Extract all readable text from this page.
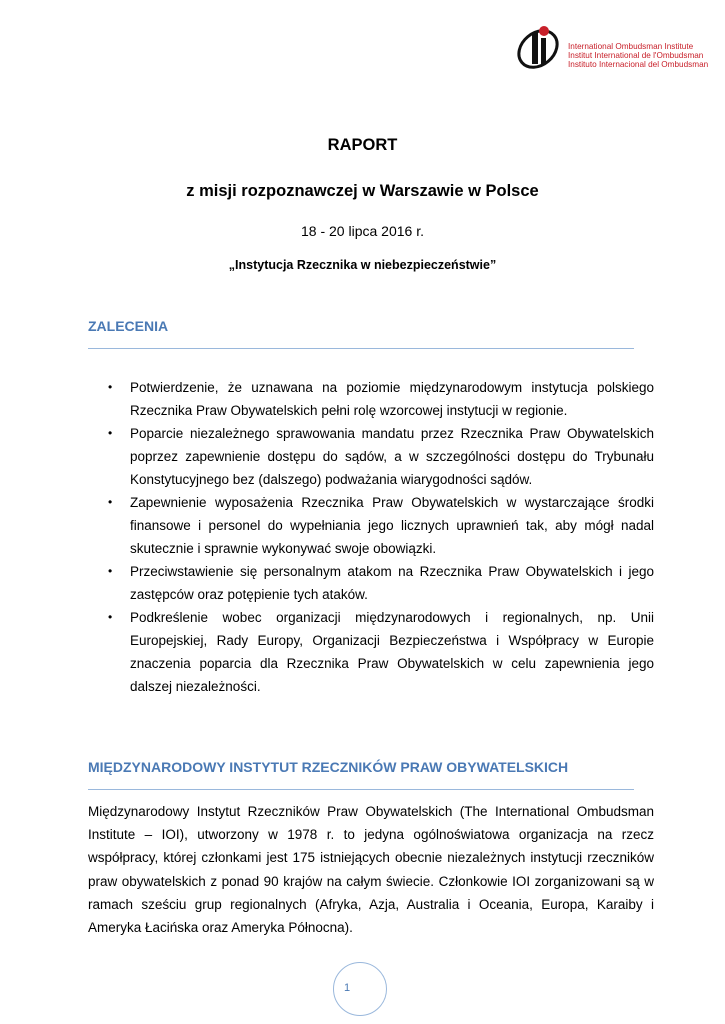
International Ombudsman Institute
Institut International de l'Ombudsman
Instituto Internacional del Ombudsman
RAPORT
z misji rozpoznawczej w Warszawie w Polsce
18 - 20 lipca 2016 r.
„Instytucja Rzecznika w niebezpieczeństwie”
ZALECENIA
• Potwierdzenie, że uznawana na poziomie międzynarodowym instytucja polskiego Rzecznika Praw Obywatelskich pełni rolę wzorcowej instytucji w regionie.
• Poparcie niezależnego sprawowania mandatu przez Rzecznika Praw Obywatelskich poprzez zapewnienie dostępu do sądów, a w szczególności dostępu do Trybunału Konstytucyjnego bez (dalszego) podważania wiarygodności sądów.
• Zapewnienie wyposażenia Rzecznika Praw Obywatelskich w wystarczające środki finansowe i personel do wypełniania jego licznych uprawnień tak, aby mógł nadal skutecznie i sprawnie wykonywać swoje obowiązki.
• Przeciwstawienie się personalnym atakom na Rzecznika Praw Obywatelskich i jego zastępców oraz potępienie tych ataków.
• Podkreślenie wobec organizacji międzynarodowych i regionalnych, np. Unii Europejskiej, Rady Europy, Organizacji Bezpieczeństwa i Współpracy w Europie znaczenia poparcia dla Rzecznika Praw Obywatelskich w celu zapewnienia jego dalszej niezależności.
MIĘDZYNARODOWY INSTYTUT RZECZNIKÓW PRAW OBYWATELSKICH

Międzynarodowy Instytut Rzeczników Praw Obywatelskich (The International Ombudsman Institute – IOI), utworzony w 1978 r. to jedyna ogólnoświatowa organizacja na rzecz współpracy, której członkami jest 175 istniejących obecnie niezależnych instytucji rzeczników praw obywatelskich z ponad 90 krajów na całym świecie. Członkowie IOI zorganizowani są w ramach sześciu grup regionalnych (Afryka, Azja, Australia i Oceania, Europa, Karaiby i Ameryka Łacińska oraz Ameryka Północna).

1
